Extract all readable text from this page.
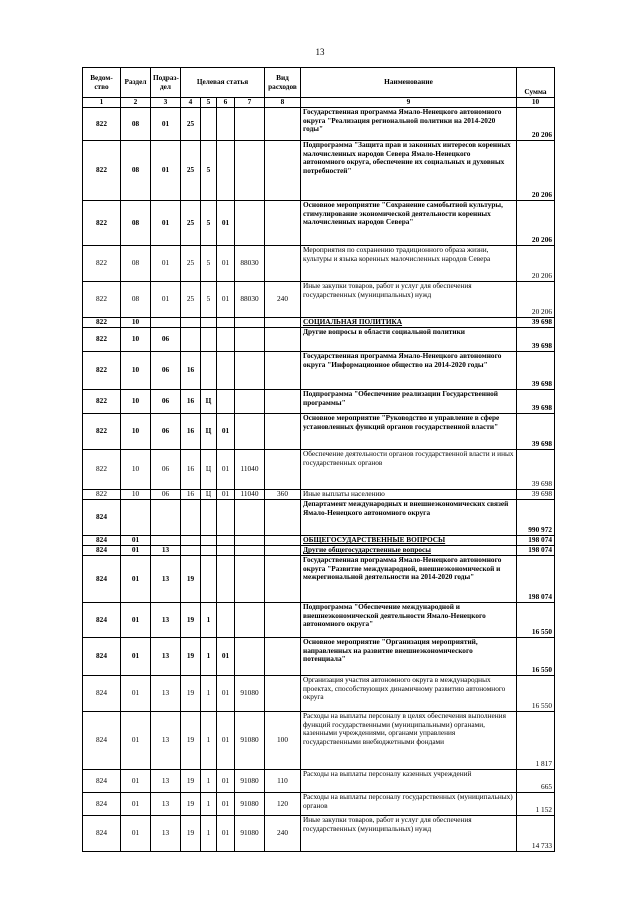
13
Ведом-
ство	Раздел	Подраз-
дел	Целевая статья				Вид
расходов	Наименование	Сумма
1	2	3	4	5	6	7	8	9	10
822	08	01	25					Государственная программа Ямало-Ненецкого автономного округа "Реализация региональной политики на 2014-2020 годы"	20 206
822	08	01	25	5				Подпрограмма "Защита прав и законных интересов коренных малочисленных народов Севера Ямало-Ненецкого автономного округа, обеспечение их социальных и духовных потребностей"	20 206
822	08	01	25	5	01			Основное мероприятие "Сохранение самобытной культуры, стимулирование экономической деятельности коренных малочисленных народов Севера"	20 206
822	08	01	25	5	01	88030		Мероприятия по сохранению традиционного образа жизни, культуры и языка коренных малочисленных народов Севера	20 206
822	08	01	25	5	01	88030	240	Иные закупки товаров, работ и услуг для обеспечения государственных (муниципальных) нужд	20 206
822	10							СОЦИАЛЬНАЯ ПОЛИТИКА	39 698
822	10	06						Другие вопросы в области социальной политики	39 698
822	10	06	16					Государственная программа Ямало-Ненецкого автономного округа "Информационное общество на 2014-2020 годы"	39 698
822	10	06	16	Ц				Подпрограмма "Обеспечение реализации Государственной программы"	39 698
822	10	06	16	Ц	01			Основное мероприятие "Руководство и управление в сфере установленных функций органов государственной власти"	39 698
822	10	06	16	Ц	01	11040		Обеспечение деятельности органов государственной власти и иных государственных органов	39 698
822	10	06	16	Ц	01	11040	360	Иные выплаты населению	39 698
824								Департамент международных и внешнеэкономических связей Ямало-Ненецкого автономного округа	990 972
824	01							ОБЩЕГОСУДАРСТВЕННЫЕ ВОПРОСЫ	198 074
824	01	13						Другие общегосударственные вопросы	198 074
824	01	13	19					Государственная программа Ямало-Ненецкого автономного округа "Развитие международной, внешнеэкономической и межрегиональной деятельности на 2014-2020 годы"	198 074
824	01	13	19	1				Подпрограмма "Обеспечение международной и внешнеэкономической деятельности Ямало-Ненецкого автономного округа"	16 550
824	01	13	19	1	01			Основное мероприятие "Организация мероприятий, направленных на развитие внешнеэкономического потенциала"	16 550
824	01	13	19	1	01	91080		Организация участия автономного округа в международных проектах, способствующих динамичному развитию автономного округа	16 550
824	01	13	19	1	01	91080	100	Расходы на выплаты персоналу в целях обеспечения выполнения функций государственными (муниципальными) органами, казенными учреждениями, органами управления государственными внебюджетными фондами	1 817
824	01	13	19	1	01	91080	110	Расходы на выплаты персоналу казенных учреждений	665
824	01	13	19	1	01	91080	120	Расходы на выплаты персоналу государственных (муниципальных) органов	1 152
824	01	13	19	1	01	91080	240	Иные закупки товаров, работ и услуг для обеспечения государственных (муниципальных) нужд	14 733
